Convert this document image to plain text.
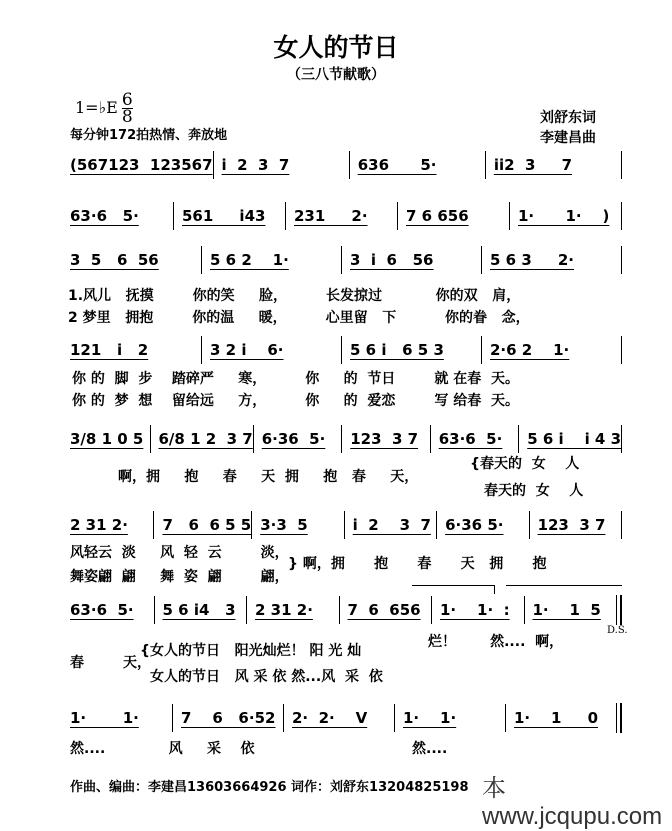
女人的节日
（三八节献歌）
1=♭E $\frac{6}{8}$
每分钟172拍热情、奔放地
刘舒东词
李建昌曲
(567123  123567 i  2  3  7	636      5·	ii2  3     7
63·6   5·	561     i43	231     2·	7 6 656	1·      1·    )
3  5   6  56	5 6 2    1·	3  i  6   56	5 6 3     2·
121   i   2	3 2 i    6·	5 6 i   6 5 3	2·6 2    1·
3/8 1 0 5	6/8 1 2  3 7 6·36  5·	123  3 7	63·6  5·	5 6 i    i 4 3
2 31 2·	7   6  6 5 5 3·3  5	i  2    3  7 6·36 5·	123  3 7
63·6  5·	5 6 i4   3	2 31 2·	7  6  656	1·    1·  :	1·    1  5
1·       1·	7    6   6·52	2·  2·    V	1·    1·	1·    1     0
1.风儿   抚摸        你的笑     脸，        长发掠过           你的双   肩，
2 梦里   拥抱        你的温     暖，        心里留   下          你的眷   念，
你 的  脚  步    踏碎严     寒，        你     的  节日        就 在春  天。
你 的  梦  想    留给远     方，        你     的  爱恋        写 给春  天。
啊，拥     抱     春     天  拥     抱   春     天，
{春天的  女    人
春天的  女    人
风轻云  淡     风  轻  云        淡，
舞姿翩  翩     舞  姿  翩        翩，
} 啊，拥      抱      春      天   拥      抱
春        天，
{女人的节日   阳光灿烂！ 阳 光 灿
女人的节日   风 采 依 然...风  采  依
烂！       然....  啊，
D.S.
然....             风     采    依	然....
作曲、编曲：李建昌13603664926 词作：刘舒东13204825198 本www.jcqupu.com
